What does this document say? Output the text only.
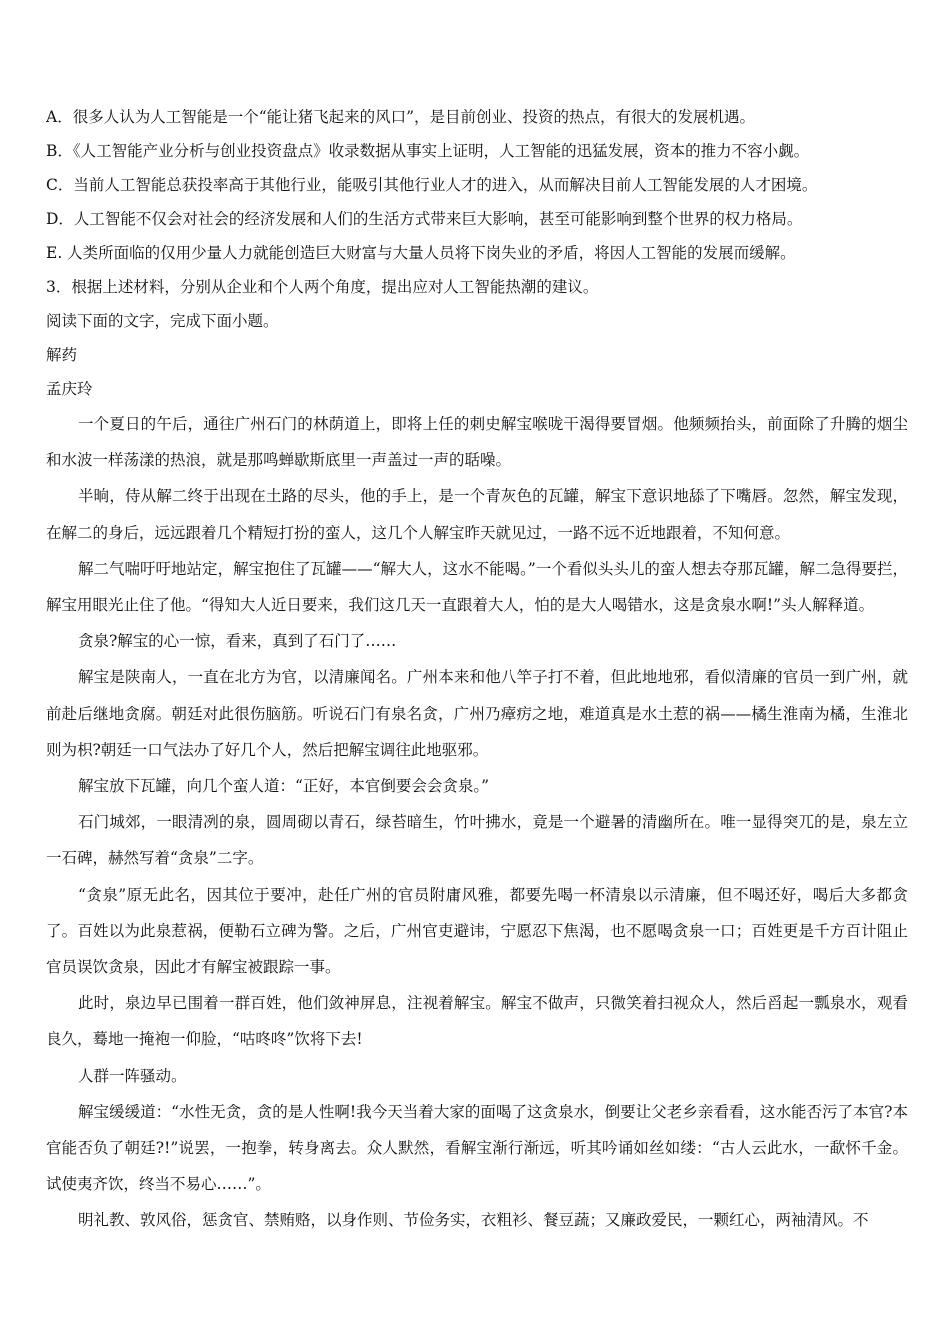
A．很多人认为人工智能是一个“能让猪飞起来的风口”，是目前创业、投资的热点，有很大的发展机遇。
B．《人工智能产业分析与创业投资盘点》收录数据从事实上证明，人工智能的迅猛发展，资本的推力不容小觑。
C．当前人工智能总获投率高于其他行业，能吸引其他行业人才的进入，从而解决目前人工智能发展的人才困境。
D．人工智能不仅会对社会的经济发展和人们的生活方式带来巨大影响，甚至可能影响到整个世界的权力格局。
E. 人类所面临的仅用少量人力就能创造巨大财富与大量人员将下岗失业的矛盾，将因人工智能的发展而缓解。
3．根据上述材料，分别从企业和个人两个角度，提出应对人工智能热潮的建议。
阅读下面的文字，完成下面小题。
解药
孟庆玲
一个夏日的午后，通往广州石门的林荫道上，即将上任的刺史解宝喉咙干渴得要冒烟。他频频抬头，前面除了升腾的烟尘和水波一样荡漾的热浪，就是那鸣蝉歇斯底里一声盖过一声的聒噪。
半晌，侍从解二终于出现在土路的尽头，他的手上，是一个青灰色的瓦罐，解宝下意识地舔了下嘴唇。忽然，解宝发现，在解二的身后，远远跟着几个精短打扮的蛮人，这几个人解宝昨天就见过，一路不远不近地跟着，不知何意。
解二气喘吁吁地站定，解宝抱住了瓦罐——“解大人，这水不能喝。”一个看似头头儿的蛮人想去夺那瓦罐，解二急得要拦，解宝用眼光止住了他。“得知大人近日要来，我们这几天一直跟着大人，怕的是大人喝错水，这是贪泉水啊!”头人解释道。
贪泉?解宝的心一惊，看来，真到了石门了……
解宝是陕南人，一直在北方为官，以清廉闻名。广州本来和他八竿子打不着，但此地地邪，看似清廉的官员一到广州，就前赴后继地贪腐。朝廷对此很伤脑筋。听说石门有泉名贪，广州乃瘴疠之地，难道真是水土惹的祸——橘生淮南为橘，生淮北则为枳?朝廷一口气法办了好几个人，然后把解宝调往此地驱邪。
解宝放下瓦罐，向几个蛮人道：“正好，本官倒要会会贪泉。”
石门城郊，一眼清冽的泉，圆周砌以青石，绿苔暗生，竹叶拂水，竟是一个避暑的清幽所在。唯一显得突兀的是，泉左立一石碑，赫然写着“贪泉”二字。
“贪泉”原无此名，因其位于要冲，赴任广州的官员附庸风雅，都要先喝一杯清泉以示清廉，但不喝还好，喝后大多都贪了。百姓以为此泉惹祸，便勒石立碑为警。之后，广州官吏避讳，宁愿忍下焦渴，也不愿喝贪泉一口；百姓更是千方百计阻止官员误饮贪泉，因此才有解宝被跟踪一事。
此时，泉边早已围着一群百姓，他们敛神屏息，注视着解宝。解宝不做声，只微笑着扫视众人，然后舀起一瓢泉水，观看良久，蓦地一掩袍一仰脸，“咕咚咚”饮将下去!
人群一阵骚动。
解宝缓缓道：“水性无贪，贪的是人性啊!我今天当着大家的面喝了这贪泉水，倒要让父老乡亲看看，这水能否污了本官?本官能否负了朝廷?!”说罢，一抱拳，转身离去。众人默然，看解宝渐行渐远，听其吟诵如丝如缕：“古人云此水，一歃怀千金。试使夷齐饮，终当不易心……”。
明礼教、敦风俗，惩贪官、禁贿赂，以身作则、节俭务实，衣粗衫、餐豆蔬；又廉政爱民，一颗红心，两袖清风。不
